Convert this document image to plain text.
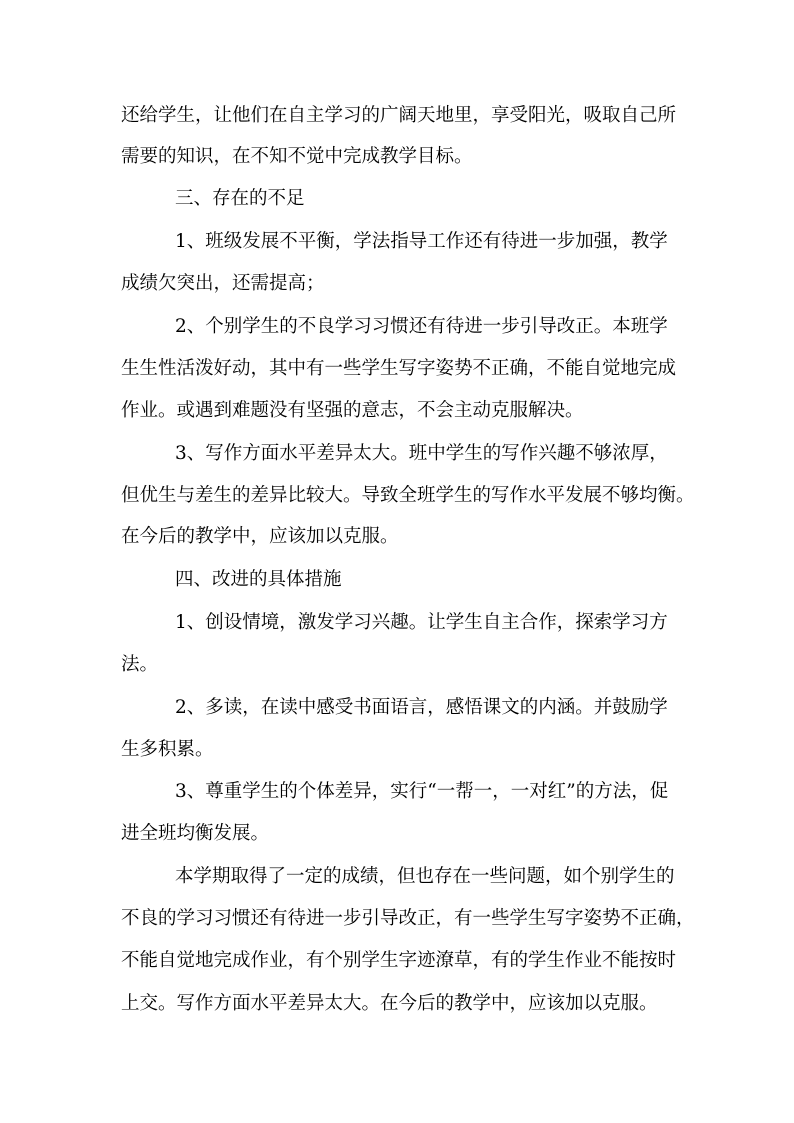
还给学生，让他们在自主学习的广阔天地里，享受阳光，吸取自己所
需要的知识，在不知不觉中完成教学目标。
三、存在的不足
1、班级发展不平衡，学法指导工作还有待进一步加强，教学
成绩欠突出，还需提高；
2、个别学生的不良学习习惯还有待进一步引导改正。本班学
生生性活泼好动，其中有一些学生写字姿势不正确，不能自觉地完成
作业。或遇到难题没有坚强的意志，不会主动克服解决。
3、写作方面水平差异太大。班中学生的写作兴趣不够浓厚，
但优生与差生的差异比较大。导致全班学生的写作水平发展不够均衡。
在今后的教学中，应该加以克服。
四、改进的具体措施
1、创设情境，激发学习兴趣。让学生自主合作，探索学习方
法。
2、多读，在读中感受书面语言，感悟课文的内涵。并鼓励学
生多积累。
3、尊重学生的个体差异，实行“一帮一，一对红”的方法，促
进全班均衡发展。
本学期取得了一定的成绩，但也存在一些问题，如个别学生的
不良的学习习惯还有待进一步引导改正，有一些学生写字姿势不正确，
不能自觉地完成作业，有个别学生字迹潦草，有的学生作业不能按时
上交。写作方面水平差异太大。在今后的教学中，应该加以克服。
